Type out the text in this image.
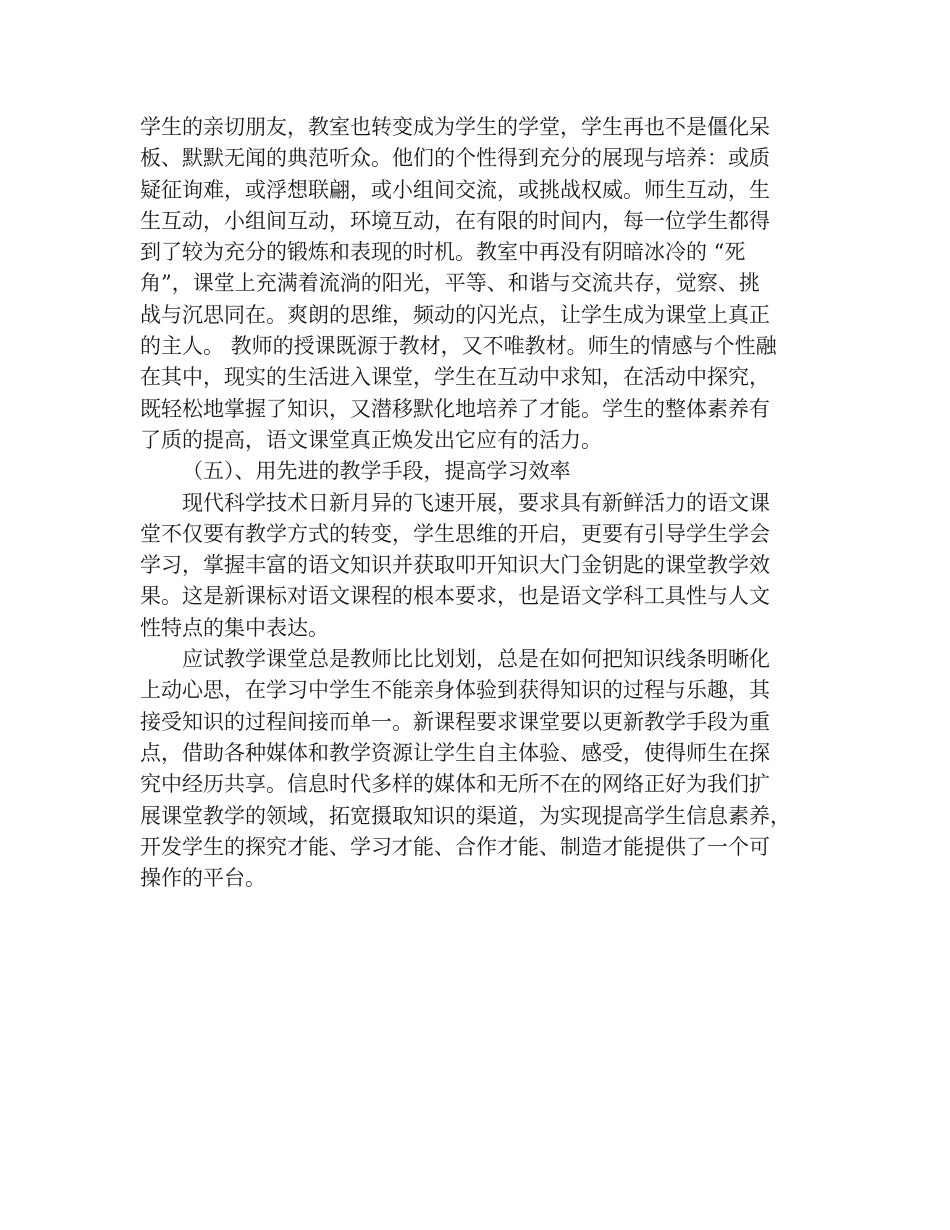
学生的亲切朋友，教室也转变成为学生的学堂，学生再也不是僵化呆
板、默默无闻的典范听众。他们的个性得到充分的展现与培养：或质
疑征询难，或浮想联翩，或小组间交流，或挑战权威。师生互动，生
生互动，小组间互动，环境互动，在有限的时间内，每一位学生都得
到了较为充分的锻炼和表现的时机。教室中再没有阴暗冰冷的 “死
角”，课堂上充满着流淌的阳光，平等、和谐与交流共存，觉察、挑
战与沉思同在。爽朗的思维，频动的闪光点，让学生成为课堂上真正
的主人。 教师的授课既源于教材，又不唯教材。师生的情感与个性融
在其中，现实的生活进入课堂，学生在互动中求知，在活动中探究，
既轻松地掌握了知识，又潜移默化地培养了才能。学生的整体素养有
了质的提高，语文课堂真正焕发出它应有的活力。
（五）、用先进的教学手段，提高学习效率
现代科学技术日新月异的飞速开展，要求具有新鲜活力的语文课
堂不仅要有教学方式的转变，学生思维的开启，更要有引导学生学会
学习，掌握丰富的语文知识并获取叩开知识大门金钥匙的课堂教学效
果。这是新课标对语文课程的根本要求，也是语文学科工具性与人文
性特点的集中表达。
应试教学课堂总是教师比比划划，总是在如何把知识线条明晰化
上动心思，在学习中学生不能亲身体验到获得知识的过程与乐趣，其
接受知识的过程间接而单一。新课程要求课堂要以更新教学手段为重
点，借助各种媒体和教学资源让学生自主体验、感受，使得师生在探
究中经历共享。信息时代多样的媒体和无所不在的网络正好为我们扩
展课堂教学的领域，拓宽摄取知识的渠道，为实现提高学生信息素养，
开发学生的探究才能、学习才能、合作才能、制造才能提供了一个可
操作的平台。
